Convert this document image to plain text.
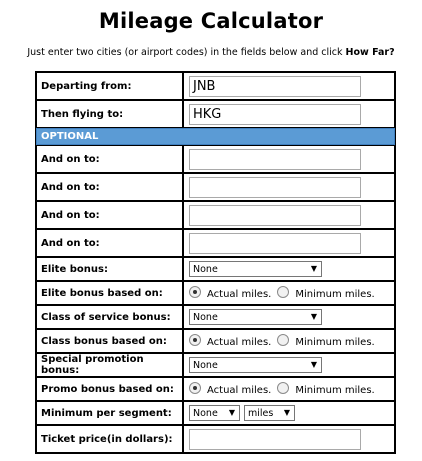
Mileage Calculator
Just enter two cities (or airport codes) in the fields below and click How Far?
Departing from:	JNB
Then flying to:	HKG
OPTIONAL	
And on to:	
And on to:	
And on to:	
And on to:	
Elite bonus:	None ▼

Elite bonus based on:	Actual miles. Minimum miles.

Class of service bonus:	None ▼

Class bonus based on:	Actual miles. Minimum miles.

Special promotion bonus:	None ▼

Promo bonus based on:	Actual miles. Minimum miles.

Minimum per segment:	None ▼ miles ▼

Ticket price(in dollars):	
